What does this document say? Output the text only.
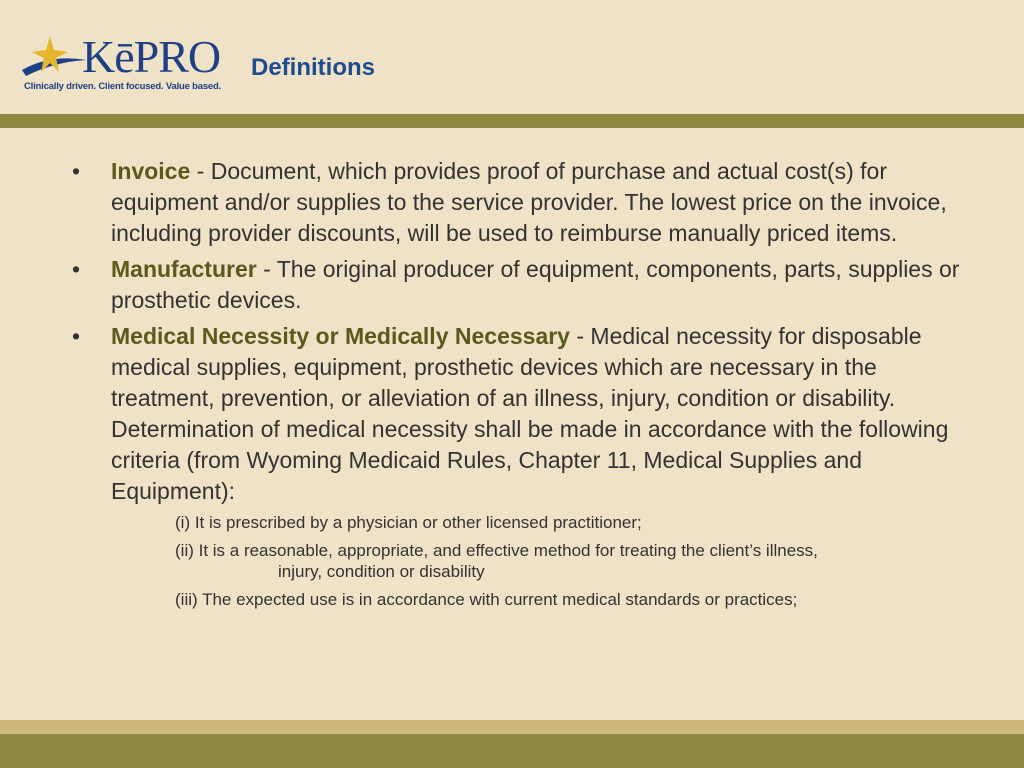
KēPRO
Clinically driven. Client focused. Value based.
Definitions
• Invoice - Document, which provides proof of purchase and actual cost(s) for equipment and/or supplies to the service provider. The lowest price on the invoice, including provider discounts, will be used to reimburse manually priced items.
• Manufacturer - The original producer of equipment, components, parts, supplies or prosthetic devices.
• Medical Necessity or Medically Necessary - Medical necessity for disposable medical supplies, equipment, prosthetic devices which are necessary in the treatment, prevention, or alleviation of an illness, injury, condition or disability. Determination of medical necessity shall be made in accordance with the following criteria (from Wyoming Medicaid Rules, Chapter 11, Medical Supplies and Equipment):
(i) It is prescribed by a physician or other licensed practitioner;
(ii) It is a reasonable, appropriate, and effective method for treating the client’s illness,
injury, condition or disability
(iii) The expected use is in accordance with current medical standards or practices;
